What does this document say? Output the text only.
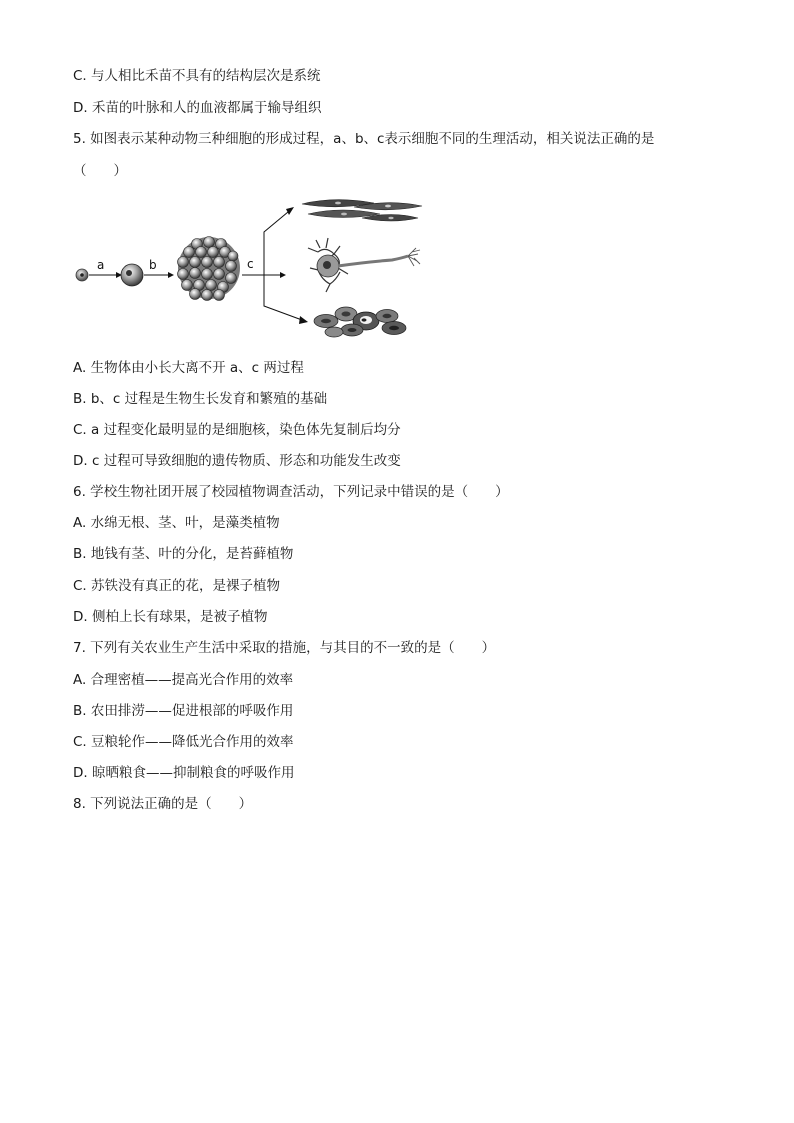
C. 与人相比禾苗不具有的结构层次是系统
D. 禾苗的叶脉和人的血液都属于输导组织
5. 如图表示某种动物三种细胞的形成过程，a、b、c表示细胞不同的生理活动，相关说法正确的是
（　　）
a	b	c
A. 生物体由小长大离不开 a、c 两过程
B. b、c 过程是生物生长发育和繁殖的基础
C. a 过程变化最明显的是细胞核，染色体先复制后均分
D. c 过程可导致细胞的遗传物质、形态和功能发生改变
6. 学校生物社团开展了校园植物调查活动，下列记录中错误的是（　　）
A. 水绵无根、茎、叶，是藻类植物
B. 地钱有茎、叶的分化，是苔藓植物
C. 苏铁没有真正的花，是裸子植物
D. 侧柏上长有球果，是被子植物
7. 下列有关农业生产生活中采取的措施，与其目的不一致的是（　　）
A. 合理密植——提高光合作用的效率
B. 农田排涝——促进根部的呼吸作用
C. 豆粮轮作——降低光合作用的效率
D. 晾晒粮食——抑制粮食的呼吸作用
8. 下列说法正确的是（　　）
